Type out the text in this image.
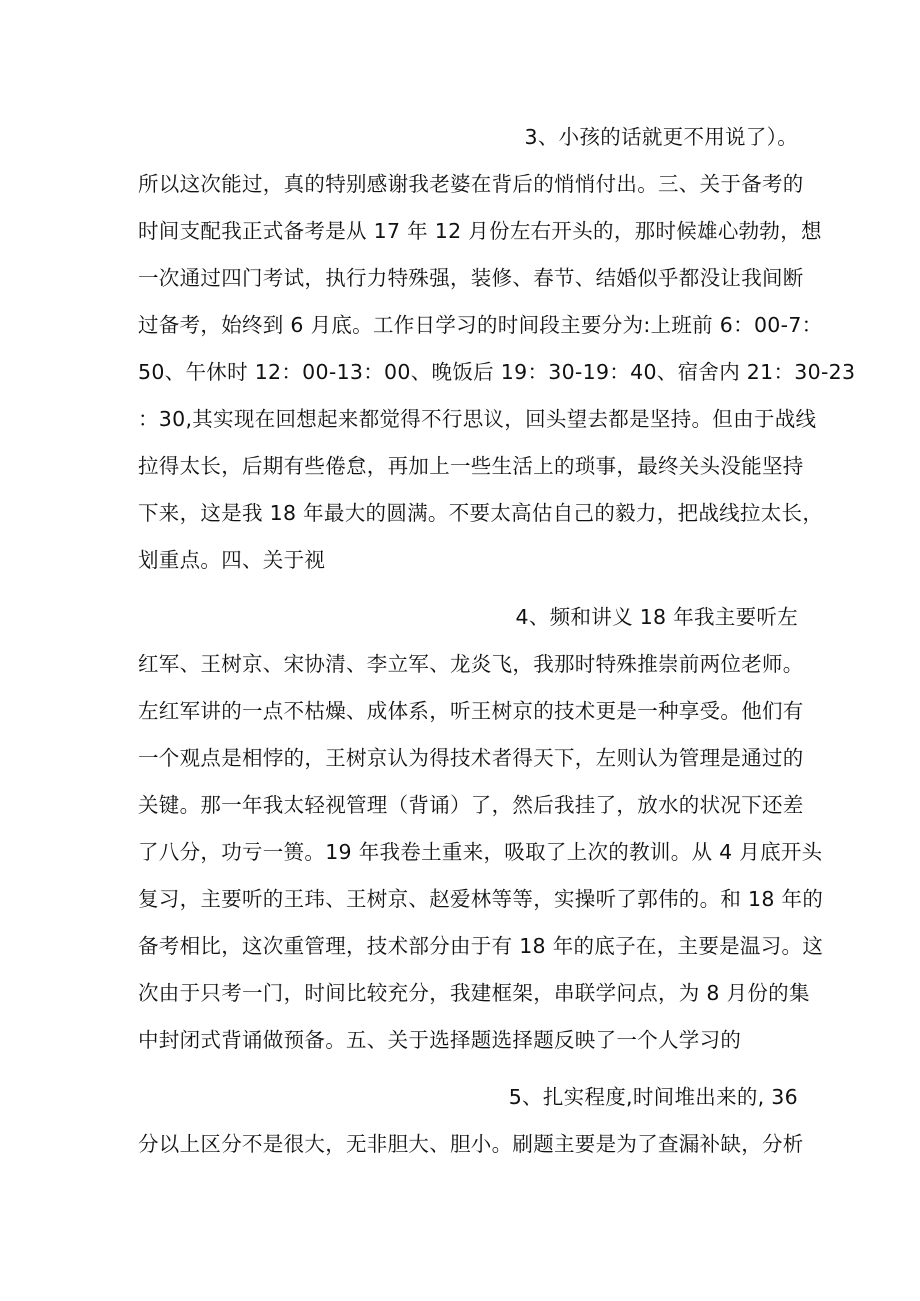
3、小孩的话就更不用说了）。
所以这次能过，真的特别感谢我老婆在背后的悄悄付出。三、关于备考的
时间支配我正式备考是从 17 年 12 月份左右开头的，那时候雄心勃勃，想
一次通过四门考试，执行力特殊强，装修、春节、结婚似乎都没让我间断
过备考，始终到 6 月底。工作日学习的时间段主要分为:上班前 6：00-7：
50、午休时 12：00-13：00、晚饭后 19：30-19：40、宿舍内 21：30-23
：30,其实现在回想起来都觉得不行思议，回头望去都是坚持。但由于战线
拉得太长，后期有些倦怠，再加上一些生活上的琐事，最终关头没能坚持
下来，这是我 18 年最大的圆满。不要太高估自己的毅力，把战线拉太长，
划重点。四、关于视
4、频和讲义 18 年我主要听左
红军、王树京、宋协清、李立军、龙炎飞，我那时特殊推崇前两位老师。
左红军讲的一点不枯燥、成体系，听王树京的技术更是一种享受。他们有
一个观点是相悖的，王树京认为得技术者得天下，左则认为管理是通过的
关键。那一年我太轻视管理（背诵）了，然后我挂了，放水的状况下还差
了八分，功亏一篑。19 年我卷土重来，吸取了上次的教训。从 4 月底开头
复习，主要听的王玮、王树京、赵爱林等等，实操听了郭伟的。和 18 年的
备考相比，这次重管理，技术部分由于有 18 年的底子在，主要是温习。这
次由于只考一门，时间比较充分，我建框架，串联学问点，为 8 月份的集
中封闭式背诵做预备。五、关于选择题选择题反映了一个人学习的
5、扎实程度,时间堆出来的, 36
分以上区分不是很大，无非胆大、胆小。刷题主要是为了查漏补缺，分析
